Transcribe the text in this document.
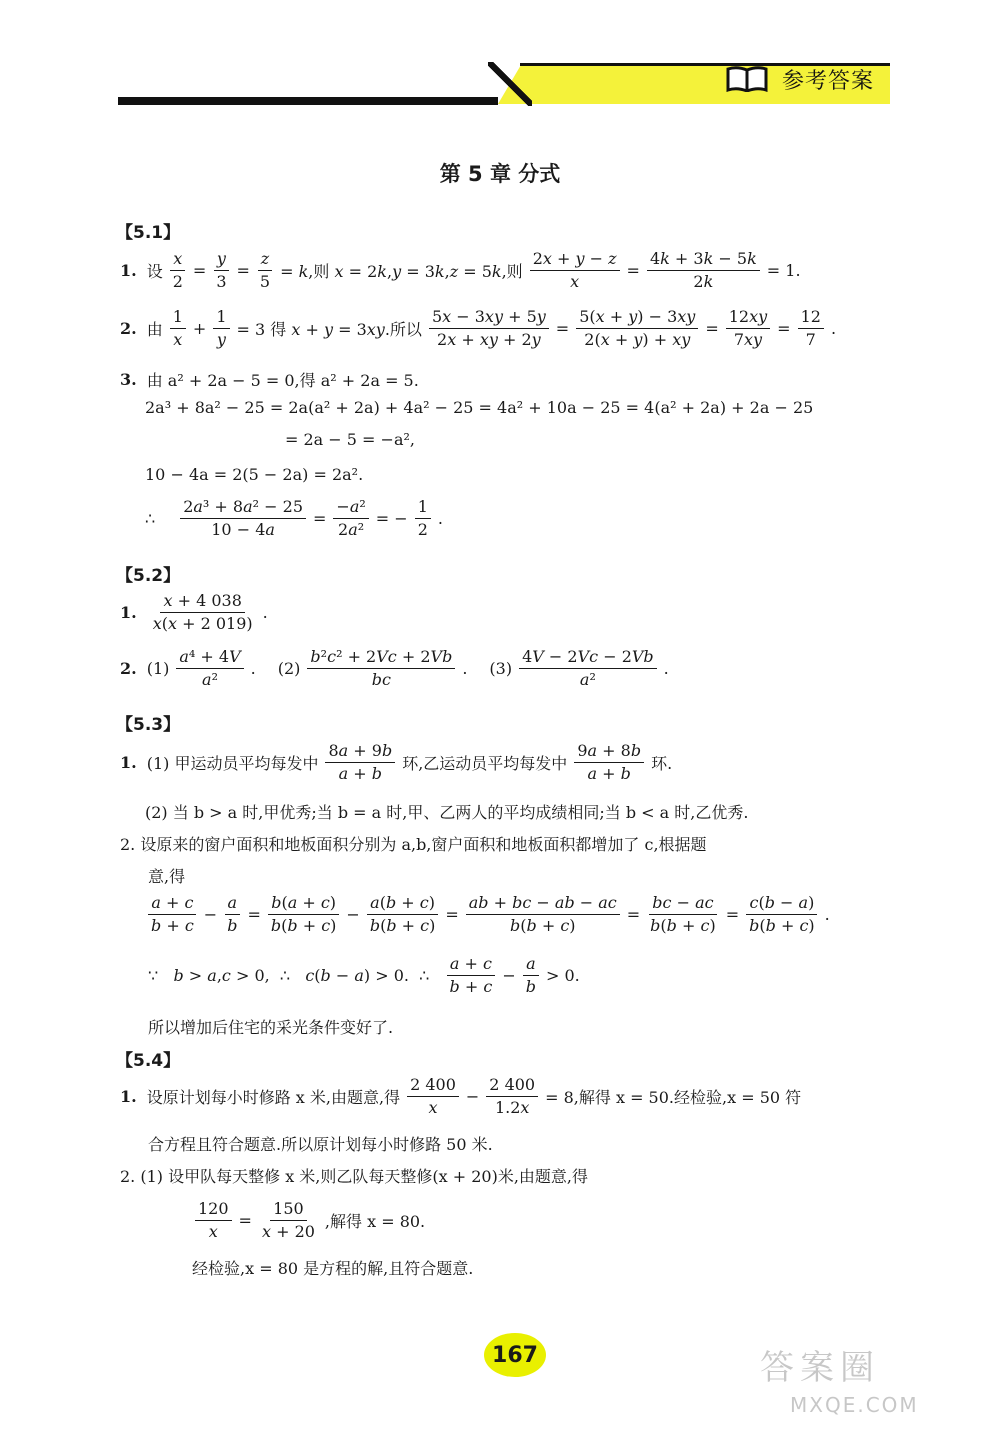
参考答案
第 5 章 分式
【5.1】
1. 设 $\frac{x}{2} = \frac{y}{3} = \frac{z}{5} = k$,则 x = 2k,y = 3k,z = 5k,则 $\frac{2x + y - z}{x} = \frac{4k + 3k - 5k}{2k} = 1$.
2. 由 $\frac{1}{x} + \frac{1}{y} = 3$ 得 x + y = 3xy.所以 $\frac{5x - 3xy + 5y}{2x + xy + 2y} = \frac{5(x + y) - 3xy}{2(x + y) + xy} = \frac{12xy}{7xy} = \frac{12}{7}$ .
3. 由 a² + 2a − 5 = 0,得 a² + 2a = 5.
2a³ + 8a² − 25 = 2a(a² + 2a) + 4a² − 25 = 4a² + 10a − 25 = 4(a² + 2a) + 2a − 25
= 2a − 5 = −a²,
10 − 4a = 2(5 − 2a) = 2a².
∴ $\frac{\text{2a³ + 8a² − 25}}{10 - 4a} = \frac{\text{−a²}}{\text{2a²}}$ = − $\frac{1}{2}$ .
【5.2】
1. $\frac{x + 4 038}{x(x + 2 019)}$ .
2. $(1) \frac{\text{a⁴ + 4V}}{\text{a²}}$ . $(2) \frac{\text{b²c² + 2Vc + 2Vb}}{bc}$ . $(3) \frac{4V - 2Vc - 2Vb}{\text{a²}}$ .
【5.3】
1. (1) 甲运动员平均每发中 $\frac{8a + 9b}{a + b}$ 环,乙运动员平均每发中 $\frac{9a + 8b}{a + b}$ 环.
(2) 当 b > a 时,甲优秀;当 b = a 时,甲、乙两人的平均成绩相同;当 b < a 时,乙优秀.
2. 设原来的窗户面积和地板面积分别为 a,b,窗户面积和地板面积都增加了 c,根据题
意,得
$\frac{a + c}{b + c} - \frac{a}{b} = \frac{b(a + c)}{b(b + c)} - \frac{a(b + c)}{b(b + c)} = \frac{ab + bc - ab - ac}{b(b + c)} = \frac{bc - ac}{b(b + c)} = \frac{c(b - a)}{b(b + c)}$ .
∵   b > a,c > 0,  ∴   c(b − a) > 0.  ∴ $\frac{a + c}{b + c} - \frac{a}{b} > 0$.
所以增加后住宅的采光条件变好了.
【5.4】
1. 设原计划每小时修路 x 米,由题意,得 $\frac{2 400}{x} - \frac{2 400}{1.2x} = 8$,解得 x = 50.经检验,x = 50 符
合方程且符合题意.所以原计划每小时修路 50 米.
2. (1) 设甲队每天整修 x 米,则乙队每天整修(x + 20)米,由题意,得
$\frac{120}{x} = \frac{150}{x + 20}$ ,解得 x = 80.
经检验,x = 80 是方程的解,且符合题意.
167	答案圈
MXQE.COM
